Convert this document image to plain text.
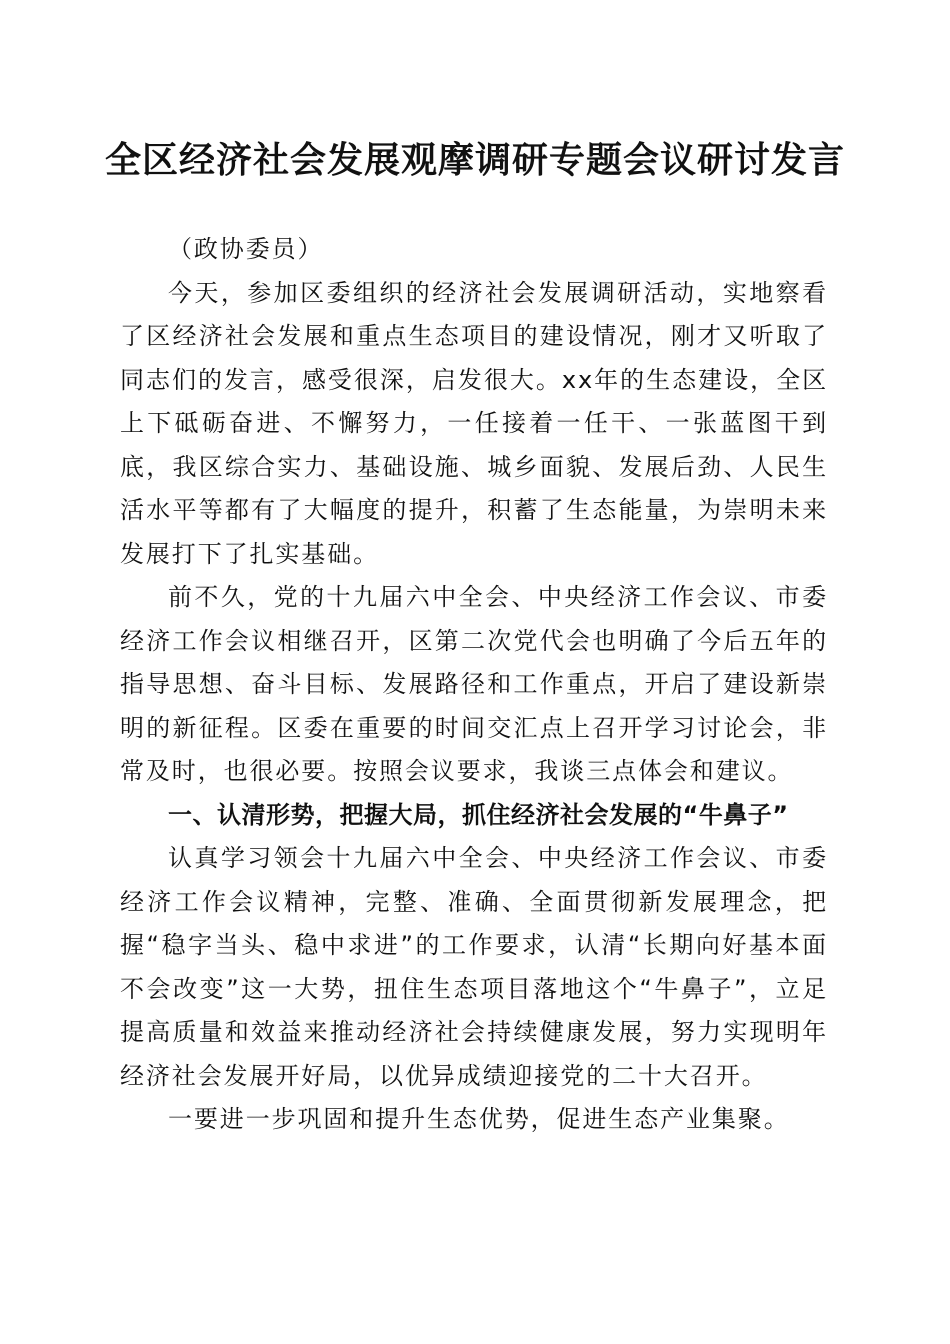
全区经济社会发展观摩调研专题会议研讨发言

（政协委员）

今天，参加区委组织的经济社会发展调研活动，实地察看了区经济社会发展和重点生态项目的建设情况，刚才又听取了同志们的发言，感受很深，启发很大。xx年的生态建设，全区上下砥砺奋进、不懈努力，一任接着一任干、一张蓝图干到底，我区综合实力、基础设施、城乡面貌、发展后劲、人民生活水平等都有了大幅度的提升，积蓄了生态能量，为崇明未来发展打下了扎实基础。

前不久，党的十九届六中全会、中央经济工作会议、市委经济工作会议相继召开，区第二次党代会也明确了今后五年的指导思想、奋斗目标、发展路径和工作重点，开启了建设新崇明的新征程。区委在重要的时间交汇点上召开学习讨论会，非常及时，也很必要。按照会议要求，我谈三点体会和建议。

一、认清形势，把握大局，抓住经济社会发展的“牛鼻子”

认真学习领会十九届六中全会、中央经济工作会议、市委经济工作会议精神，完整、准确、全面贯彻新发展理念，把握“稳字当头、稳中求进”的工作要求，认清“长期向好基本面不会改变”这一大势，扭住生态项目落地这个“牛鼻子”，立足提高质量和效益来推动经济社会持续健康发展，努力实现明年经济社会发展开好局，以优异成绩迎接党的二十大召开。

一要进一步巩固和提升生态优势，促进生态产业集聚。
